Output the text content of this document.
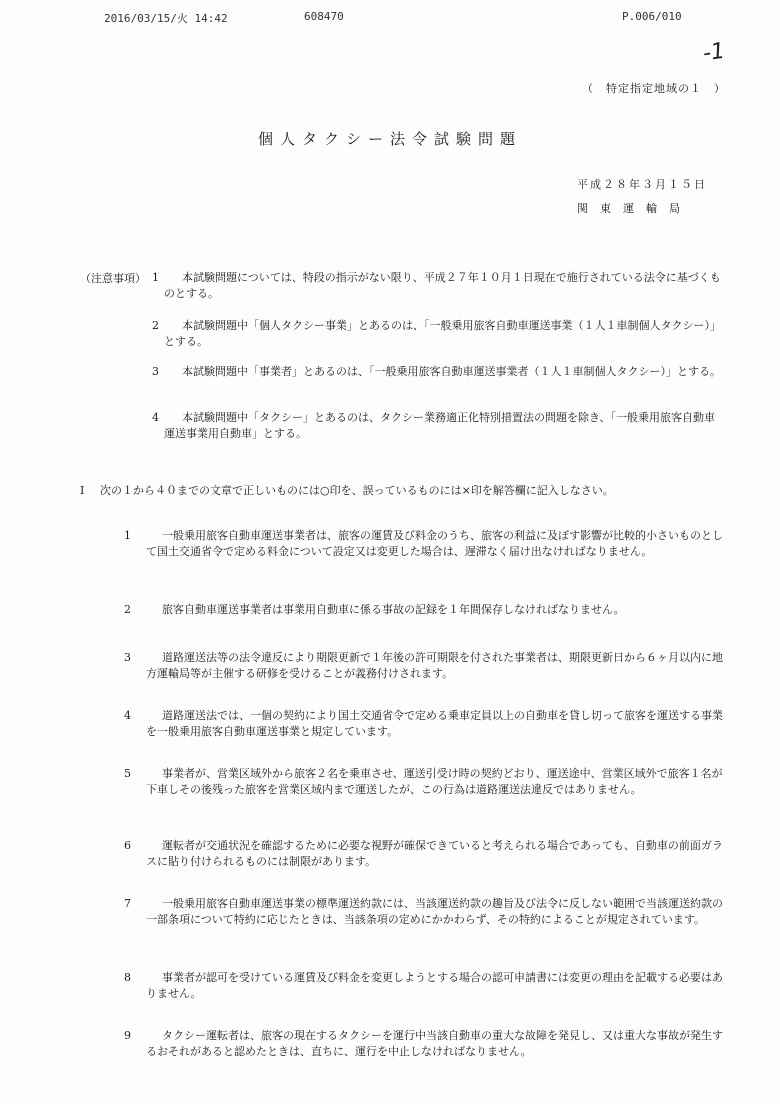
2016/03/15/火 14:42	608470	P.006/010
-1
（　特定指定地域の１　）
個人タクシー法令試験問題
平成２８年３月１５日
関東運輸局
（注意事項） 1	本試験問題については、特段の指示がない限り、平成２７年１０月１日現在で施行されている法令に基づくものとする。
2	本試験問題中「個人タクシー事業」とあるのは、「一般乗用旅客自動車運送事業（１人１車制個人タクシー）」とする。
3	本試験問題中「事業者」とあるのは、「一般乗用旅客自動車運送事業者（１人１車制個人タクシー）」とする。
4	本試験問題中「タクシー」とあるのは、タクシー業務適正化特別措置法の問題を除き、「一般乗用旅客自動車運送事業用自動車」とする。
Ⅰ 次の１から４０までの文章で正しいものには○印を、誤っているものには×印を解答欄に記入しなさい。
1	一般乗用旅客自動車運送事業者は、旅客の運賃及び料金のうち、旅客の利益に及ぼす影響が比較的小さいものとして国土交通省令で定める料金について設定又は変更した場合は、遅滞なく届け出なければなりません。
2	旅客自動車運送事業者は事業用自動車に係る事故の記録を１年間保存しなければなりません。
3	道路運送法等の法令違反により期限更新で１年後の許可期限を付された事業者は、期限更新日から６ヶ月以内に地方運輸局等が主催する研修を受けることが義務付けされます。
4	道路運送法では、一個の契約により国土交通省令で定める乗車定員以上の自動車を貸し切って旅客を運送する事業を一般乗用旅客自動車運送事業と規定しています。
5	事業者が、営業区域外から旅客２名を乗車させ、運送引受け時の契約どおり、運送途中、営業区域外で旅客１名が下車しその後残った旅客を営業区域内まで運送したが、この行為は道路運送法違反ではありません。
6	運転者が交通状況を確認するために必要な視野が確保できていると考えられる場合であっても、自動車の前面ガラスに貼り付けられるものには制限があります。
7	一般乗用旅客自動車運送事業の標準運送約款には、当該運送約款の趣旨及び法令に反しない範囲で当該運送約款の一部条項について特約に応じたときは、当該条項の定めにかかわらず、その特約によることが規定されています。
8	事業者が認可を受けている運賃及び料金を変更しようとする場合の認可申請書には変更の理由を記載する必要はありません。
9	タクシー運転者は、旅客の現在するタクシーを運行中当該自動車の重大な故障を発見し、又は重大な事故が発生するおそれがあると認めたときは、直ちに、運行を中止しなければなりません。
